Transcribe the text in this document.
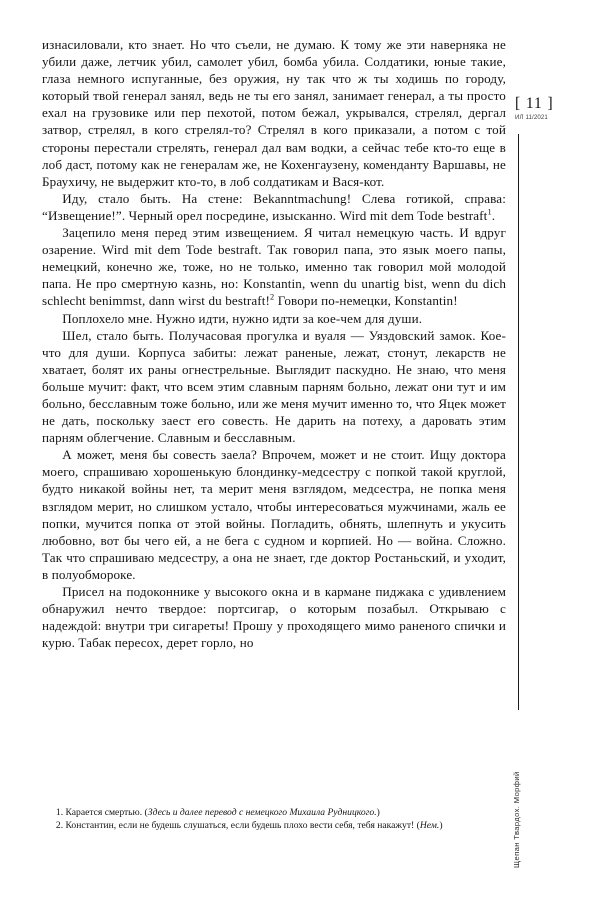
изнасиловали, кто знает. Но что съели, не думаю. К тому же эти наверняка не убили даже, летчик убил, самолет убил, бомба убила. Солдатики, юные такие, глаза немного испуганные, без оружия, ну так что ж ты ходишь по городу, который твой генерал занял, ведь не ты его занял, занимает генерал, а ты просто ехал на грузовике или пер пехотой, потом бежал, укрывался, стрелял, дергал затвор, стрелял, в кого стрелял-то? Стрелял в кого приказали, а потом с той стороны перестали стрелять, генерал дал вам водки, а сейчас тебе кто-то еще в лоб даст, потому как не генералам же, не Кохенгаузену, коменданту Варшавы, не Браухичу, не выдержит кто-то, в лоб солдатикам и Вася-кот.

Иду, стало быть. На стене: Bekanntmachung! Слева готикой, справа: “Извещение!”. Черный орел посредине, изысканно. Wird mit dem Tode bestraft$^1$.

Зацепило меня перед этим извещением. Я читал немецкую часть. И вдруг озарение. Wird mit dem Tode bestraft. Так говорил папа, это язык моего папы, немецкий, конечно же, тоже, но не только, именно так говорил мой молодой папа. Не про смертную казнь, но: Konstantin, wenn du unartig bist, wenn du dich schlecht benimmst, dann wirst du bestraft!$^2$ Говори по-немецки, Konstantin!

Поплохело мне. Нужно идти, нужно идти за кое-чем для души.

Шел, стало быть. Получасовая прогулка и вуаля — Уяздовский замок. Кое-что для души. Корпуса забиты: лежат раненые, лежат, стонут, лекарств не хватает, болят их раны огнестрельные. Выглядит паскудно. Не знаю, что меня больше мучит: факт, что всем этим славным парням больно, лежат они тут и им больно, бесславным тоже больно, или же меня мучит именно то, что Яцек может не дать, поскольку заест его совесть. Не дарить на потеху, а даровать этим парням облегчение. Славным и бесславным.

А может, меня бы совесть заела? Впрочем, может и не стоит. Ищу доктора моего, спрашиваю хорошенькую блондинку-медсестру с попкой такой круглой, будто никакой войны нет, та мерит меня взглядом, медсестра, не попка меня взглядом мерит, но слишком устало, чтобы интересоваться мужчинами, жаль ее попки, мучится попка от этой войны. Погладить, обнять, шлепнуть и укусить любовно, вот бы чего ей, а не бега с судном и корпией. Но — война. Сложно. Так что спрашиваю медсестру, а она не знает, где доктор Ростаньский, и уходит, в полуобмороке.

Присел на подоконнике у высокого окна и в кармане пиджака с удивлением обнаружил нечто твердое: портсигар, о которым позабыл. Открываю с надеждой: внутри три сигареты! Прошу у проходящего мимо раненого спички и курю. Табак пересох, дерет горло, но

[ 11 ]
ИЛ 11/2021
Щепан Твардох. Морфий

1. Карается смертью. (Здесь и далее перевод с немецкого Михаила Рудницкого.)

2. Константин, если не будешь слушаться, если будешь плохо вести себя, тебя накажут! (Нем.)
